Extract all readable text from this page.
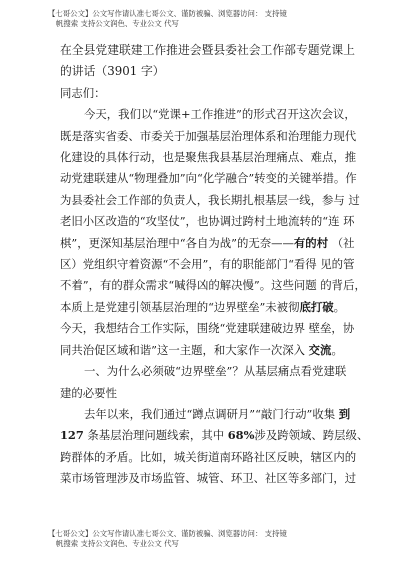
【七哥公文】公文写作请认准七哥公文、谨防被骗、浏览器访问： 支持镜
帆搜索 支持公文润色、专业公文 代写

在全县党建联建工作推进会暨县委社会工作部专题党课上

的讲话（3901 字）

同志们：

今天，我们以“党课+工作推进”的形式召开这次会议，

既是落实省委、市委关于加强基层治理体系和治理能力现代

化建设的具体行动，也是聚焦我县基层治理痛点、难点，推

动党建联建从“物理叠加”向“化学融合”转变的关键举措。作

为县委社会工作部的负责人，我长期扎根基层一线，参与 过

老旧小区改造的“攻坚仗”，也协调过跨村土地流转的“连 环

棋”，更深知基层治理中“各自为战”的无奈——有的村 （社

区）党组织守着资源“不会用”，有的职能部门“看得 见的管

不着”，有的群众需求“喊得凶的解决慢”。这些问题 的背后，

本质上是党建引领基层治理的“边界壁垒”未被彻底打破。

今天，我想结合工作实际，围绕“党建联建破边界 壁垒，协

同共治促区域和谐”这一主题，和大家作一次深入 交流。

一、为什么必须破“边界壁垒”？从基层痛点看党建联

建的必要性

去年以来，我们通过“蹲点调研月”“敲门行动”收集 到

127 条基层治理问题线索，其中 68%涉及跨领域、跨层级、

跨群体的矛盾。比如，城关街道南环路社区反映，辖区内的

菜市场管理涉及市场监管、城管、环卫、社区等多部门，过

【七哥公文】公文写作请认准七哥公文、谨防被骗、浏览器访问： 支持镜
帆搜索 支持公文润色、专业公文 代写
